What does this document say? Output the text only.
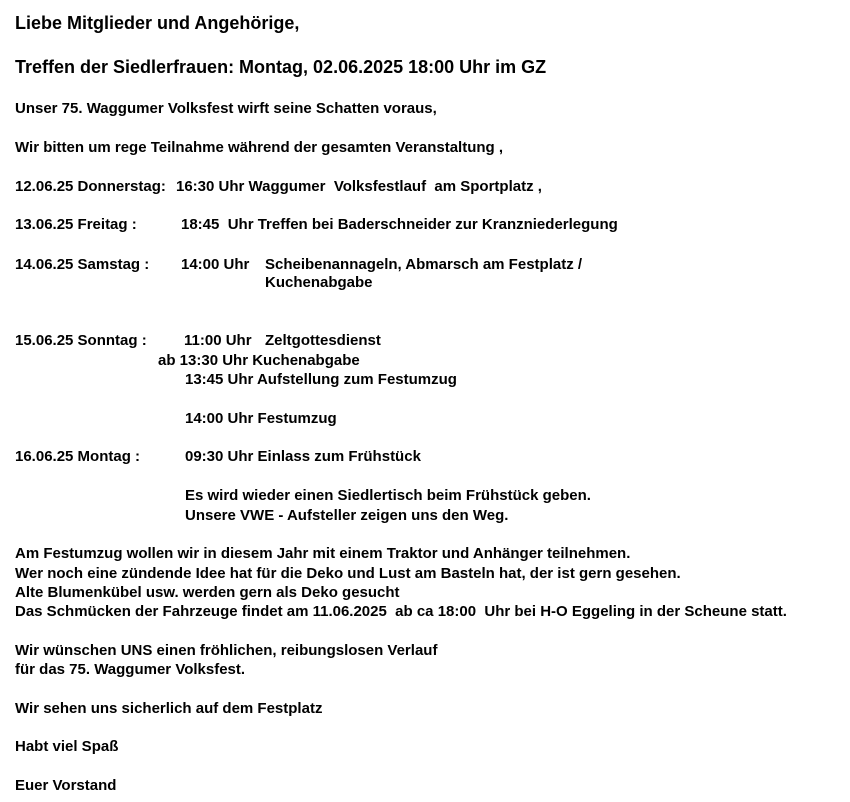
Liebe Mitglieder und Angehörige,
Treffen der Siedlerfrauen: Montag, 02.06.2025 18:00 Uhr im GZ
Unser 75. Waggumer Volksfest wirft seine Schatten voraus,
Wir bitten um rege Teilnahme während der gesamten Veranstaltung ,
12.06.25 Donnerstag: 16:30 Uhr Waggumer  Volksfestlauf  am Sportplatz ,
13.06.25 Freitag :	18:45  Uhr Treffen bei Baderschneider zur Kranzniederlegung
14.06.25 Samstag : 14:00 Uhr Scheibenannageln, Abmarsch am Festplatz /
Kuchenabgabe
15.06.25 Sonntag : 11:00 Uhr Zeltgottesdienst
ab 13:30 Uhr Kuchenabgabe
13:45 Uhr Aufstellung zum Festumzug
14:00 Uhr Festumzug
16.06.25 Montag :	09:30 Uhr Einlass zum Frühstück
Es wird wieder einen Siedlertisch beim Frühstück geben.
Unsere VWE - Aufsteller zeigen uns den Weg.
Am Festumzug wollen wir in diesem Jahr mit einem Traktor und Anhänger teilnehmen.
Wer noch eine zündende Idee hat für die Deko und Lust am Basteln hat, der ist gern gesehen.
Alte Blumenkübel usw. werden gern als Deko gesucht
Das Schmücken der Fahrzeuge findet am 11.06.2025  ab ca 18:00  Uhr bei H-O Eggeling in der Scheune statt.
Wir wünschen UNS einen fröhlichen, reibungslosen Verlauf
für das 75. Waggumer Volksfest.
Wir sehen uns sicherlich auf dem Festplatz
Habt viel Spaß
Euer Vorstand
